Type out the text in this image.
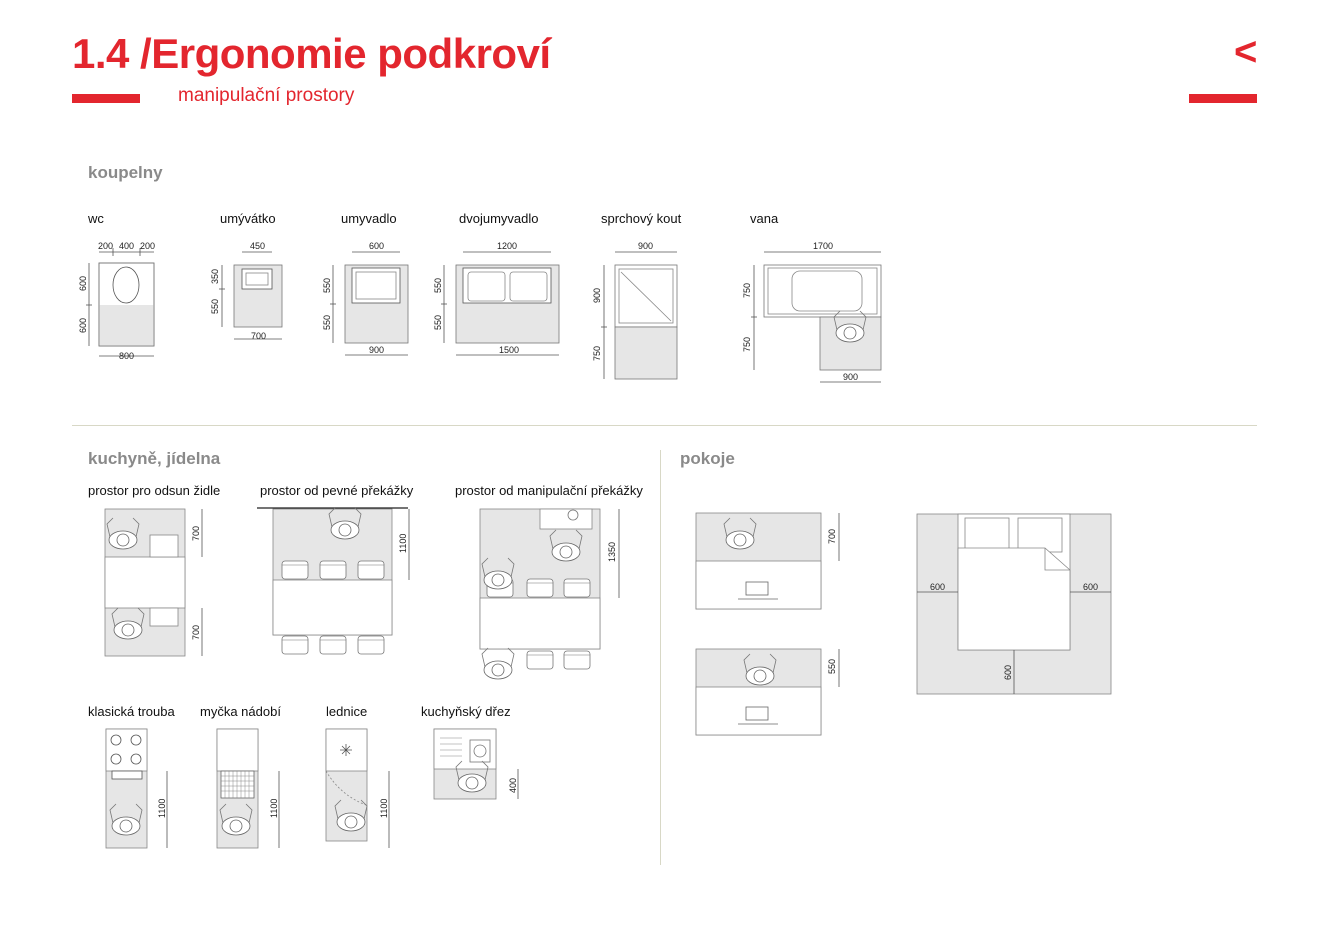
1.4 /Ergonomie podkroví
manipulační prostory
<
koupelny
kuchyně, jídelna	pokoje
wc	umývátko	umyvadlo	dvojumyvadlo	sprchový kout	vana
prostor pro odsun židle	prostor od pevné překážky	prostor od manipulační překážky
klasická trouba myčka nádobí	lednice	kuchyňský dřez
200 400 200
600
600
800
450
350
550
700
600
550
550
900
1200
550
550
1500
900
900
750
1700
750
750
900
700
700
1100	1350
1100	1100	1100
400
700
550
600	600
600
